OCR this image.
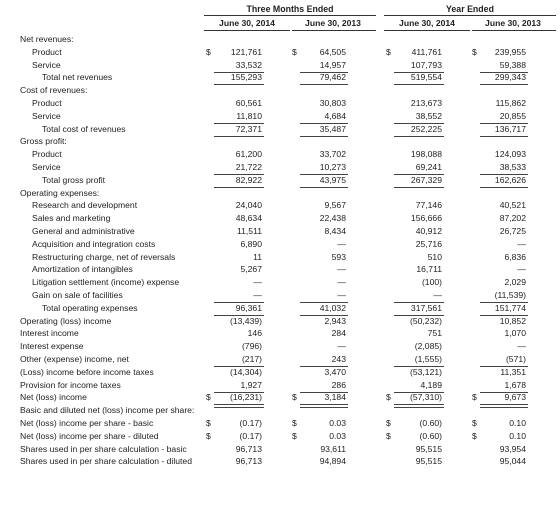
Three Months Ended	Year Ended
June 30, 2014	June 30, 2013	June 30, 2014	June 30, 2013
Net revenues:
Product	$	121,761	$	64,505	$	411,761	$	239,955
Service	33,532	14,957	107,793	59,388
Total net revenues	155,293	79,462	519,554	299,343
Cost of revenues:
Product	60,561	30,803	213,673	115,862
Service	11,810	4,684	38,552	20,855
Total cost of revenues	72,371	35,487	252,225	136,717
Gross profit:
Product	61,200	33,702	198,088	124,093
Service	21,722	10,273	69,241	38,533
Total gross profit	82,922	43,975	267,329	162,626
Operating expenses:
Research and development	24,040	9,567	77,146	40,521
Sales and marketing	48,634	22,438	156,666	87,202
General and administrative	11,511	8,434	40,912	26,725
Acquisition and integration costs	6,890	—	25,716	—
Restructuring charge, net of reversals	11	593	510	6,836
Amortization of intangibles	5,267	—	16,711	—
Litigation settlement (income) expense	—	—	(100)	2,029
Gain on sale of facilities	—	—	—	(11,539)
Total operating expenses	96,361	41,032	317,561	151,774
Operating (loss) income	(13,439)	2,943	(50,232)	10,852
Interest income	146	284	751	1,070
Interest expense	(796)	—	(2,085)	—
Other (expense) income, net	(217)	243	(1,555)	(571)
(Loss) income before income taxes	(14,304)	3,470	(53,121)	11,351
Provision for income taxes	1,927	286	4,189	1,678
Net (loss) income	$	(16,231)	$	3,184	$	(57,310)	$	9,673
Basic and diluted net (loss) income per share:
Net (loss) income per share - basic	$	(0.17)	$	0.03	$	(0.60)	$	0.10
Net (loss) income per share - diluted	$	(0.17)	$	0.03	$	(0.60)	$	0.10
Shares used in per share calculation - basic	96,713	93,611	95,515	93,954
Shares used in per share calculation - diluted	96,713	94,894	95,515	95,044
